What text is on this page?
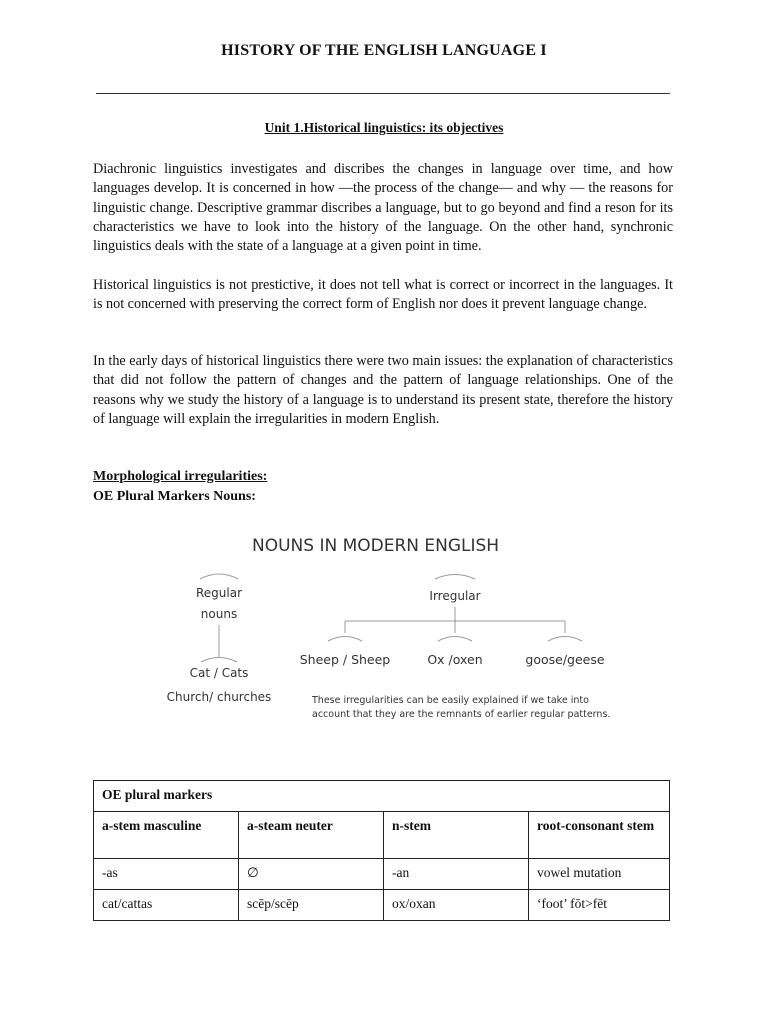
HISTORY OF THE ENGLISH LANGUAGE I
Unit 1.Historical linguistics: its objectives

Diachronic linguistics investigates and discribes the changes in language over time, and how languages develop. It is concerned in how —the process of the change— and why — the reasons for linguistic change. Descriptive grammar discribes a language, but to go beyond and find a reson for its characteristics we have to look into the history of the language. On the other hand, synchronic linguistics deals with the state of a language at a given point in time.

Historical linguistics is not prestictive, it does not tell what is correct or incorrect in the languages. It is not concerned with preserving the correct form of English nor does it prevent language change.

In the early days of historical linguistics there were two main issues: the explanation of characteristics that did not follow the pattern of changes and the pattern of language relationships. One of the reasons why we study the history of a language is to understand its present state, therefore the history of language will explain the irregularities in modern English.

Morphological irregularities:
OE Plural Markers Nouns:
NOUNS IN MODERN ENGLISH
Regular
nouns
Cat / Cats
Church/ churches
Irregular
Sheep / Sheep	Ox /oxen	goose/geese
These irregularities can be easily explained if we take into
account that they are the remnants of earlier regular patterns.
OE plural markers			
a-stem masculine	a-steam neuter	n-stem	root-consonant stem
-as	∅	-an	vowel mutation
cat/cattas	scēp/scēp	ox/oxan	‘foot’ fōt>fēt
